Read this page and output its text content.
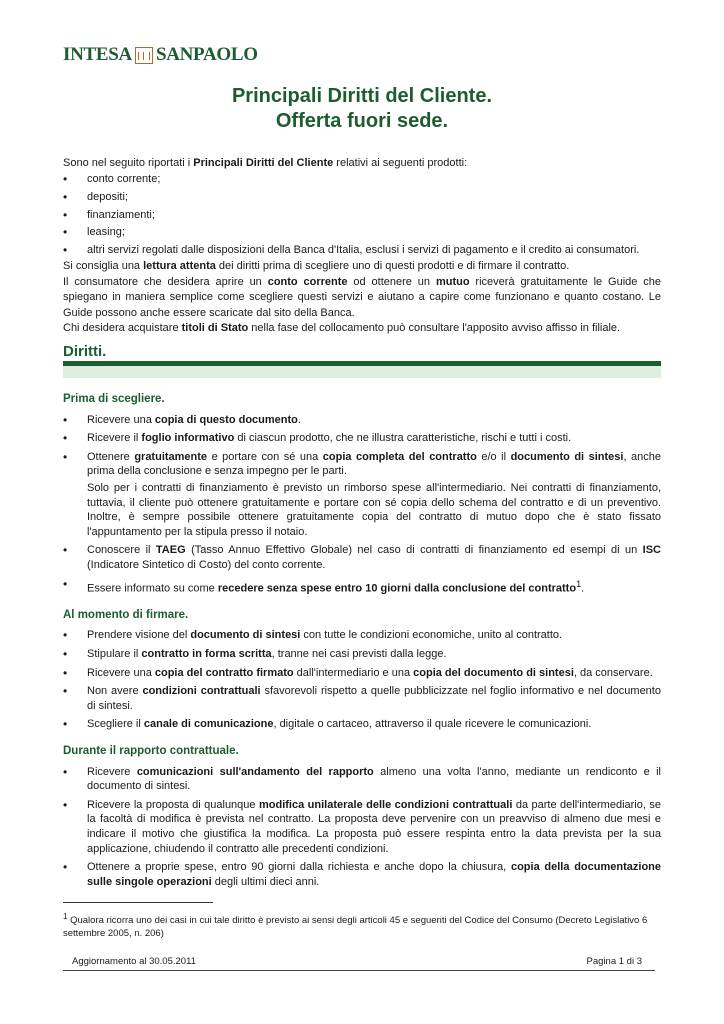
INTESA SANPAOLO
Principali Diritti del Cliente.
Offerta fuori sede.

Sono nel seguito riportati i Principali Diritti del Cliente relativi ai seguenti prodotti:

• conto corrente;
• depositi;
• finanziamenti;
• leasing;
• altri servizi regolati dalle disposizioni della Banca d'Italia, esclusi i servizi di pagamento e il credito ai consumatori.

Si consiglia una lettura attenta dei diritti prima di scegliere uno di questi prodotti e di firmare il contratto.

Il consumatore che desidera aprire un conto corrente od ottenere un mutuo riceverà gratuitamente le Guide che spiegano in maniera semplice come scegliere questi servizi e aiutano a capire come funzionano e quanto costano. Le Guide possono anche essere scaricate dal sito della Banca.

Chi desidera acquistare titoli di Stato nella fase del collocamento può consultare l'apposito avviso affisso in filiale.

Diritti.
Prima di scegliere.
• Ricevere una copia di questo documento.
• Ricevere il foglio informativo di ciascun prodotto, che ne illustra caratteristiche, rischi e tutti i costi.
• Ottenere gratuitamente e portare con sé una copia completa del contratto e/o il documento di sintesi, anche prima della conclusione e senza impegno per le parti.

Solo per i contratti di finanziamento è previsto un rimborso spese all'intermediario. Nei contratti di finanziamento, tuttavia, il cliente può ottenere gratuitamente e portare con sé copia dello schema del contratto e di un preventivo. Inoltre, è sempre possibile ottenere gratuitamente copia del contratto di mutuo dopo che è stato fissato l'appuntamento per la stipula presso il notaio.

• Conoscere il TAEG (Tasso Annuo Effettivo Globale) nel caso di contratti di finanziamento ed esempi di un ISC (Indicatore Sintetico di Costo) del conto corrente.
• Essere informato su come recedere senza spese entro 10 giorni dalla conclusione del contratto$^1$.
Al momento di firmare.
• Prendere visione del documento di sintesi con tutte le condizioni economiche, unito al contratto.
• Stipulare il contratto in forma scritta, tranne nei casi previsti dalla legge.
• Ricevere una copia del contratto firmato dall'intermediario e una copia del documento di sintesi, da conservare.
• Non avere condizioni contrattuali sfavorevoli rispetto a quelle pubblicizzate nel foglio informativo e nel documento di sintesi.
• Scegliere il canale di comunicazione, digitale o cartaceo, attraverso il quale ricevere le comunicazioni.
Durante il rapporto contrattuale.
• Ricevere comunicazioni sull'andamento del rapporto almeno una volta l'anno, mediante un rendiconto e il documento di sintesi.
• Ricevere la proposta di qualunque modifica unilaterale delle condizioni contrattuali da parte dell'intermediario, se la facoltà di modifica è prevista nel contratto. La proposta deve pervenire con un preavviso di almeno due mesi e indicare il motivo che giustifica la modifica. La proposta può essere respinta entro la data prevista per la sua applicazione, chiudendo il contratto alle precedenti condizioni.
• Ottenere a proprie spese, entro 90 giorni dalla richiesta e anche dopo la chiusura, copia della documentazione sulle singole operazioni degli ultimi dieci anni.
$^1$ Qualora ricorra uno dei casi in cui tale diritto è previsto ai sensi degli articoli 45 e seguenti del Codice del Consumo (Decreto Legislativo 6 settembre 2005, n. 206)
Aggiornamento al 30.05.2011	Pagina 1 di 3
